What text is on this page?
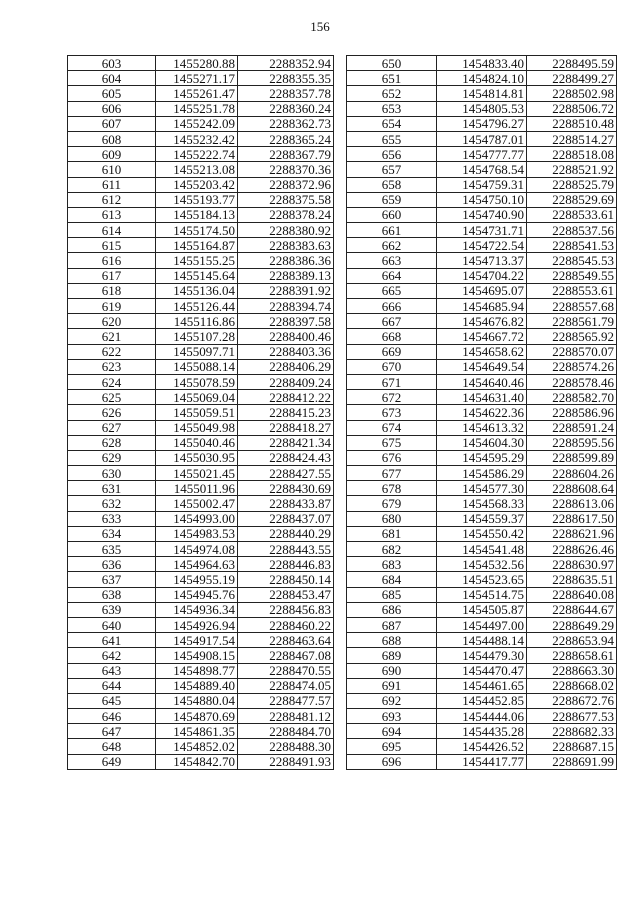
156
603	1455280.88	2288352.94
604	1455271.17	2288355.35
605	1455261.47	2288357.78
606	1455251.78	2288360.24
607	1455242.09	2288362.73
608	1455232.42	2288365.24
609	1455222.74	2288367.79
610	1455213.08	2288370.36
611	1455203.42	2288372.96
612	1455193.77	2288375.58
613	1455184.13	2288378.24
614	1455174.50	2288380.92
615	1455164.87	2288383.63
616	1455155.25	2288386.36
617	1455145.64	2288389.13
618	1455136.04	2288391.92
619	1455126.44	2288394.74
620	1455116.86	2288397.58
621	1455107.28	2288400.46
622	1455097.71	2288403.36
623	1455088.14	2288406.29
624	1455078.59	2288409.24
625	1455069.04	2288412.22
626	1455059.51	2288415.23
627	1455049.98	2288418.27
628	1455040.46	2288421.34
629	1455030.95	2288424.43
630	1455021.45	2288427.55
631	1455011.96	2288430.69
632	1455002.47	2288433.87
633	1454993.00	2288437.07
634	1454983.53	2288440.29
635	1454974.08	2288443.55
636	1454964.63	2288446.83
637	1454955.19	2288450.14
638	1454945.76	2288453.47
639	1454936.34	2288456.83
640	1454926.94	2288460.22
641	1454917.54	2288463.64
642	1454908.15	2288467.08
643	1454898.77	2288470.55
644	1454889.40	2288474.05
645	1454880.04	2288477.57
646	1454870.69	2288481.12
647	1454861.35	2288484.70
648	1454852.02	2288488.30
649	1454842.70	2288491.93
650	1454833.40	2288495.59
651	1454824.10	2288499.27
652	1454814.81	2288502.98
653	1454805.53	2288506.72
654	1454796.27	2288510.48
655	1454787.01	2288514.27
656	1454777.77	2288518.08
657	1454768.54	2288521.92
658	1454759.31	2288525.79
659	1454750.10	2288529.69
660	1454740.90	2288533.61
661	1454731.71	2288537.56
662	1454722.54	2288541.53
663	1454713.37	2288545.53
664	1454704.22	2288549.55
665	1454695.07	2288553.61
666	1454685.94	2288557.68
667	1454676.82	2288561.79
668	1454667.72	2288565.92
669	1454658.62	2288570.07
670	1454649.54	2288574.26
671	1454640.46	2288578.46
672	1454631.40	2288582.70
673	1454622.36	2288586.96
674	1454613.32	2288591.24
675	1454604.30	2288595.56
676	1454595.29	2288599.89
677	1454586.29	2288604.26
678	1454577.30	2288608.64
679	1454568.33	2288613.06
680	1454559.37	2288617.50
681	1454550.42	2288621.96
682	1454541.48	2288626.46
683	1454532.56	2288630.97
684	1454523.65	2288635.51
685	1454514.75	2288640.08
686	1454505.87	2288644.67
687	1454497.00	2288649.29
688	1454488.14	2288653.94
689	1454479.30	2288658.61
690	1454470.47	2288663.30
691	1454461.65	2288668.02
692	1454452.85	2288672.76
693	1454444.06	2288677.53
694	1454435.28	2288682.33
695	1454426.52	2288687.15
696	1454417.77	2288691.99
